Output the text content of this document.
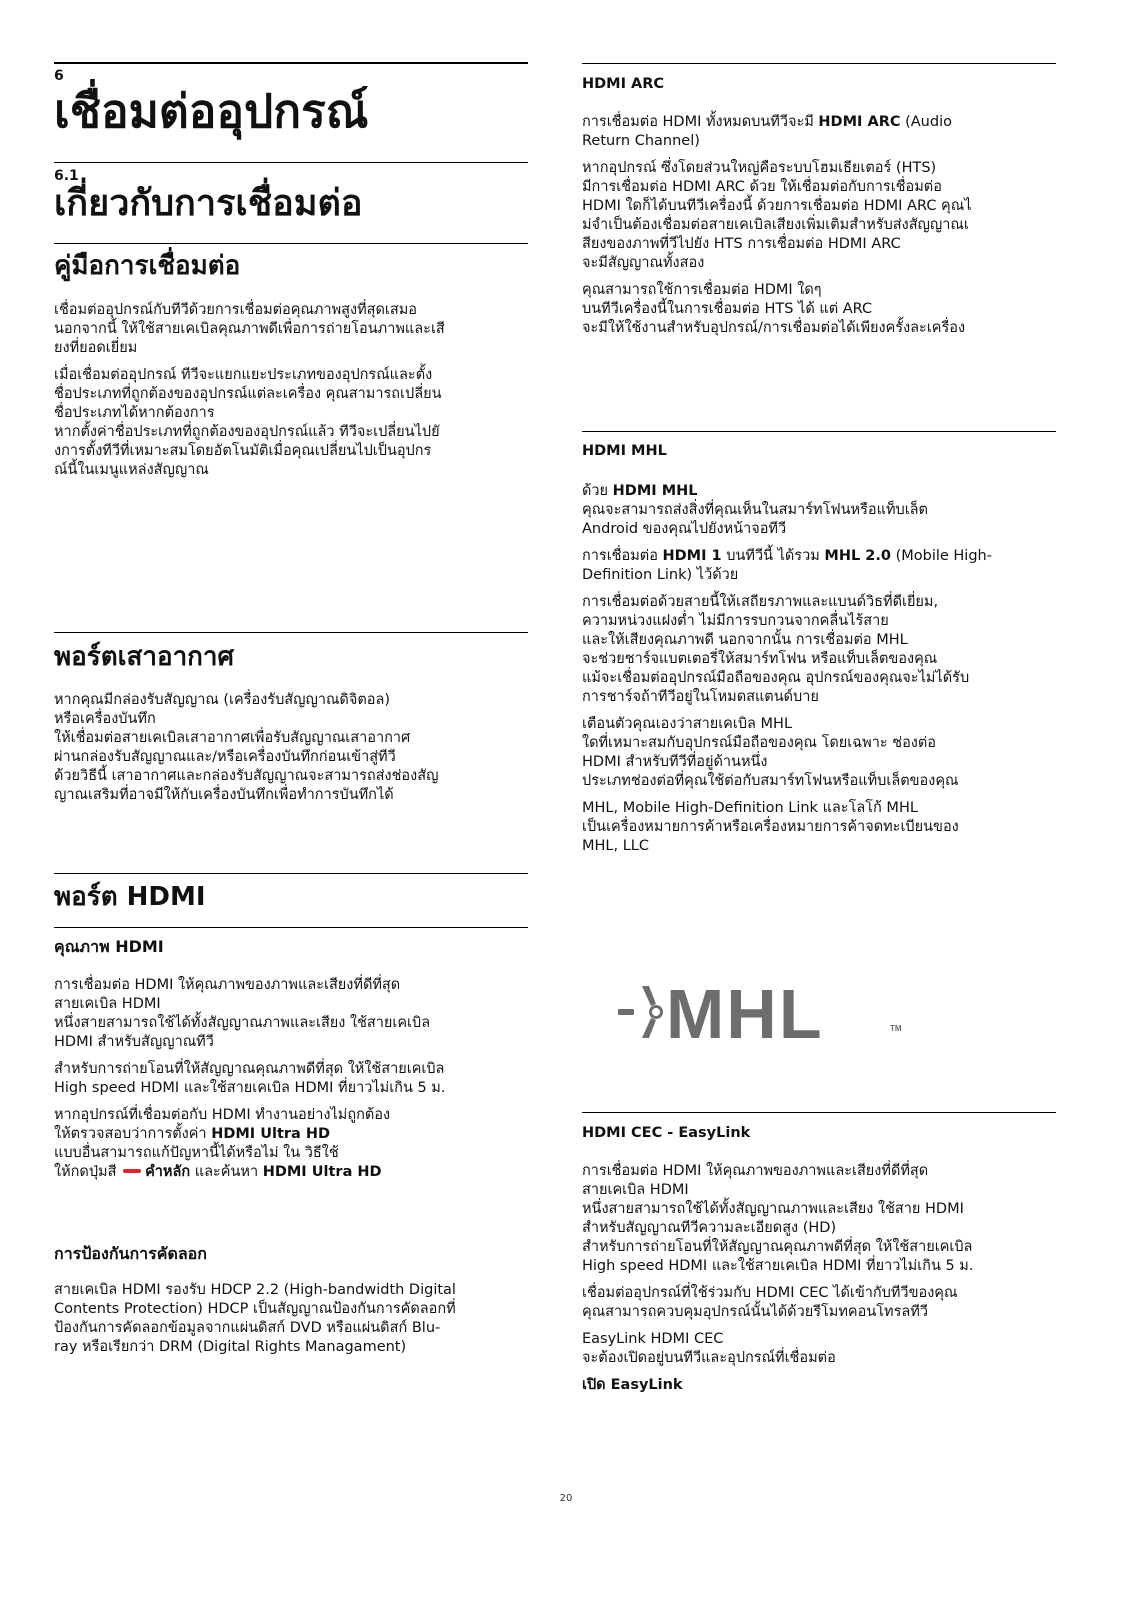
6
เชื่อมต่ออุปกรณ์
6.1
เกี่ยวกับการเชื่อมต่อ
คู่มือการเชื่อมต่อ

เชื่อมต่ออุปกรณ์กับทีวีด้วยการเชื่อมต่อคุณภาพสูงที่สุดเสมอ
นอกจากนี้ ให้ใช้สายเคเบิลคุณภาพดีเพื่อการถ่ายโอนภาพและเสี
ยงที่ยอดเยี่ยม

เมื่อเชื่อมต่ออุปกรณ์ ทีวีจะแยกแยะประเภทของอุปกรณ์และตั้ง
ชื่อประเภทที่ถูกต้องของอุปกรณ์แต่ละเครื่อง คุณสามารถเปลี่ยน
ชื่อประเภทได้หากต้องการ
หากตั้งค่าชื่อประเภทที่ถูกต้องของอุปกรณ์แล้ว ทีวีจะเปลี่ยนไปยั
งการตั้งทีวีที่เหมาะสมโดยอัตโนมัติเมื่อคุณเปลี่ยนไปเป็นอุปกร
ณ์นี้ในเมนูแหล่งสัญญาณ

พอร์ตเสาอากาศ

หากคุณมีกล่องรับสัญญาณ (เครื่องรับสัญญาณดิจิตอล)
หรือเครื่องบันทึก
ให้เชื่อมต่อสายเคเบิลเสาอากาศเพื่อรับสัญญาณเสาอากาศ
ผ่านกล่องรับสัญญาณและ/หรือเครื่องบันทึกก่อนเข้าสู่ทีวี
ด้วยวิธีนี้ เสาอากาศและกล่องรับสัญญาณจะสามารถส่งช่องสัญ
ญาณเสริมที่อาจมีให้กับเครื่องบันทึกเพื่อทำการบันทึกได้

พอร์ต HDMI
คุณภาพ HDMI

การเชื่อมต่อ HDMI ให้คุณภาพของภาพและเสียงที่ดีที่สุด
สายเคเบิล HDMI
หนึ่งสายสามารถใช้ได้ทั้งสัญญาณภาพและเสียง ใช้สายเคเบิล
HDMI สำหรับสัญญาณทีวี

สำหรับการถ่ายโอนที่ให้สัญญาณคุณภาพดีที่สุด ให้ใช้สายเคเบิล
High speed HDMI และใช้สายเคเบิล HDMI ที่ยาวไม่เกิน 5 ม.

หากอุปกรณ์ที่เชื่อมต่อกับ HDMI ทำงานอย่างไม่ถูกต้อง
ให้ตรวจสอบว่าการตั้งค่า HDMI Ultra HD
แบบอื่นสามารถแก้ปัญหานี้ได้หรือไม่ ใน วิธีใช้
ให้กดปุ่มสี คำหลัก และค้นหา HDMI Ultra HD

การป้องกันการคัดลอก

สายเคเบิล HDMI รองรับ HDCP 2.2 (High-bandwidth Digital
Contents Protection) HDCP เป็นสัญญาณป้องกันการคัดลอกที่
ป้องกันการคัดลอกข้อมูลจากแผ่นดิสก์ DVD หรือแผ่นดิสก์ Blu-
ray หรือเรียกว่า DRM (Digital Rights Managament)

HDMI ARC

การเชื่อมต่อ HDMI ทั้งหมดบนทีวีจะมี HDMI ARC (Audio
Return Channel)

หากอุปกรณ์ ซึ่งโดยส่วนใหญ่คือระบบโฮมเธียเตอร์ (HTS)
มีการเชื่อมต่อ HDMI ARC ด้วย ให้เชื่อมต่อกับการเชื่อมต่อ
HDMI ใดก็ได้บนทีวีเครื่องนี้ ด้วยการเชื่อมต่อ HDMI ARC คุณไ
ม่จำเป็นต้องเชื่อมต่อสายเคเบิลเสียงเพิ่มเติมสำหรับส่งสัญญาณเ
สียงของภาพที่วีไปยัง HTS การเชื่อมต่อ HDMI ARC
จะมีสัญญาณทั้งสอง

คุณสามารถใช้การเชื่อมต่อ HDMI ใดๆ
บนทีวีเครื่องนี้ในการเชื่อมต่อ HTS ได้ แต่ ARC
จะมีให้ใช้งานสำหรับอุปกรณ์/การเชื่อมต่อได้เพียงครั้งละเครื่อง

HDMI MHL

ด้วย HDMI MHL
คุณจะสามารถส่งสิ่งที่คุณเห็นในสมาร์ทโฟนหรือแท็บเล็ต
Android ของคุณไปยังหน้าจอทีวี

การเชื่อมต่อ HDMI 1 บนทีวีนี้ ได้รวม MHL 2.0 (Mobile High-
Definition Link) ไว้ด้วย

การเชื่อมต่อด้วยสายนี้ให้เสถียรภาพและแบนด์วิธที่ดีเยี่ยม,
ความหน่วงแฝงต่ำ ไม่มีการรบกวนจากคลื่นไร้สาย
และให้เสียงคุณภาพดี นอกจากนั้น การเชื่อมต่อ MHL
จะช่วยชาร์จแบตเตอรี่ให้สมาร์ทโฟน หรือแท็บเล็ตของคุณ
แม้จะเชื่อมต่ออุปกรณ์มือถือของคุณ อุปกรณ์ของคุณจะไม่ได้รับ
การชาร์จถ้าทีวีอยู่ในโหมดสแตนด์บาย

เตือนตัวคุณเองว่าสายเคเบิล MHL
ใดที่เหมาะสมกับอุปกรณ์มือถือของคุณ โดยเฉพาะ ช่องต่อ
HDMI สำหรับทีวีที่อยู่ด้านหนึ่ง
ประเภทช่องต่อที่คุณใช้ต่อกับสมาร์ทโฟนหรือแท็บเล็ตของคุณ

MHL, Mobile High-Definition Link และโลโก้ MHL
เป็นเครื่องหมายการค้าหรือเครื่องหมายการค้าจดทะเบียนของ
MHL, LLC

MHL	TM
HDMI CEC - EasyLink

การเชื่อมต่อ HDMI ให้คุณภาพของภาพและเสียงที่ดีที่สุด
สายเคเบิล HDMI
หนึ่งสายสามารถใช้ได้ทั้งสัญญาณภาพและเสียง ใช้สาย HDMI
สำหรับสัญญาณทีวีความละเอียดสูง (HD)
สำหรับการถ่ายโอนที่ให้สัญญาณคุณภาพดีที่สุด ให้ใช้สายเคเบิล
High speed HDMI และใช้สายเคเบิล HDMI ที่ยาวไม่เกิน 5 ม.

เชื่อมต่ออุปกรณ์ที่ใช้ร่วมกับ HDMI CEC ได้เข้ากับทีวีของคุณ
คุณสามารถควบคุมอุปกรณ์นั้นได้ด้วยรีโมทคอนโทรลทีวี

EasyLink HDMI CEC
จะต้องเปิดอยู่บนทีวีและอุปกรณ์ที่เชื่อมต่อ

เปิด EasyLink

20
